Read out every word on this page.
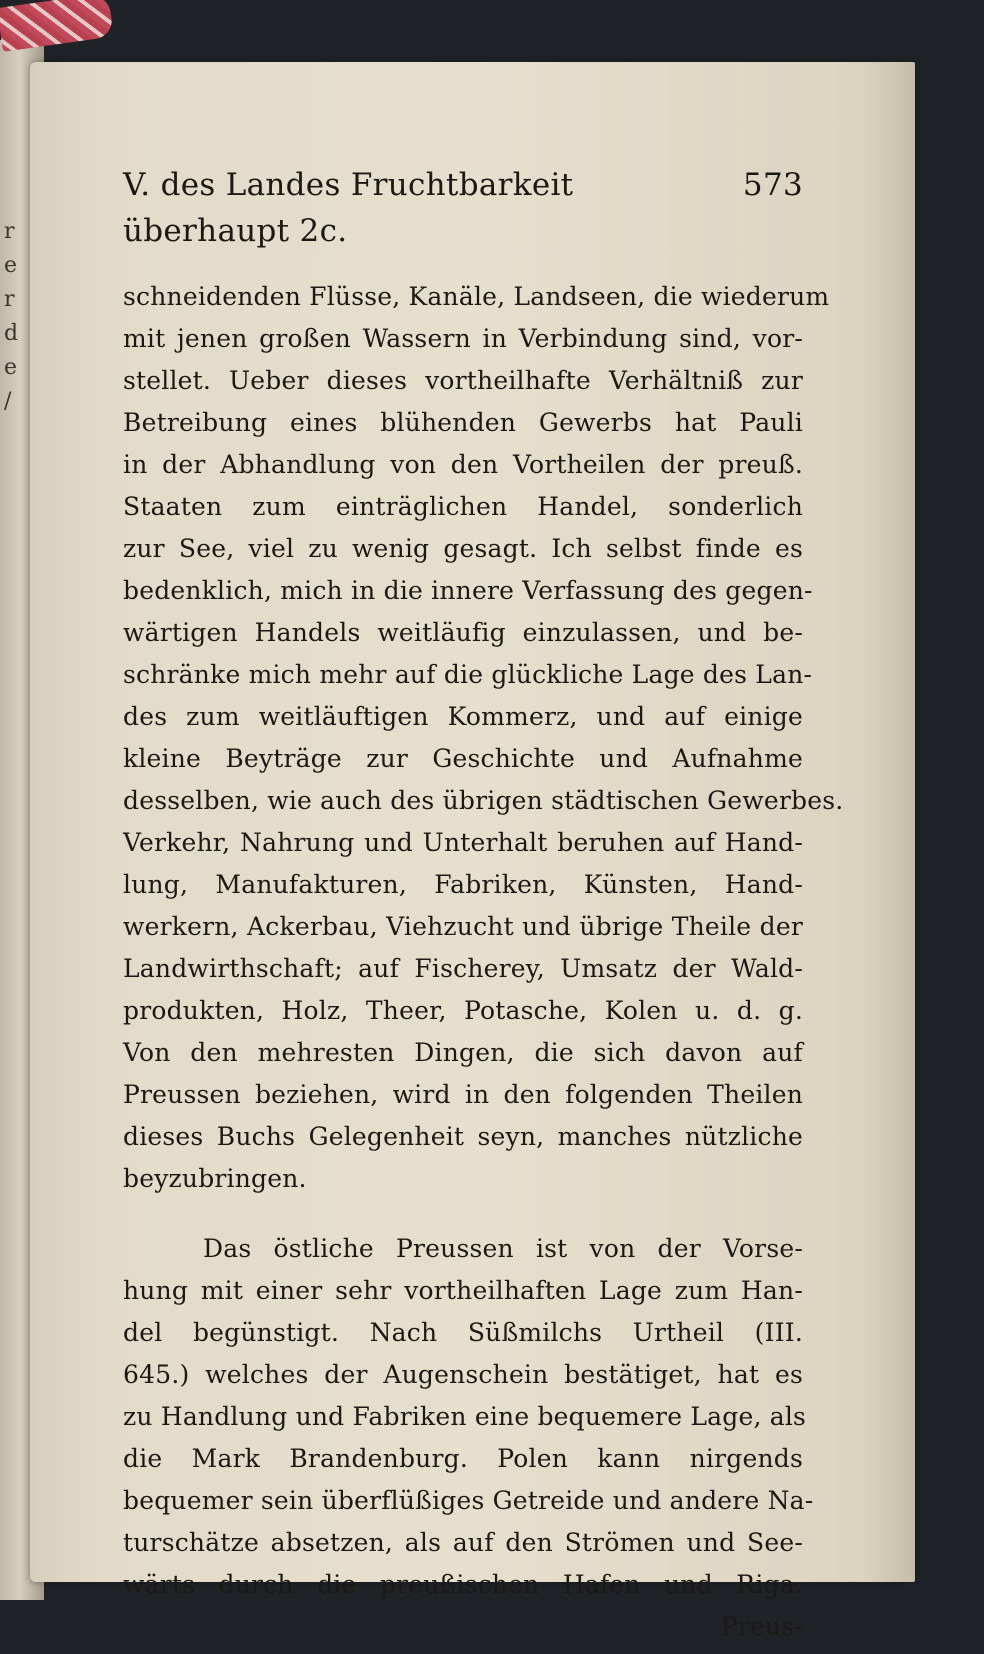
r
e
r
d
e
/
V. des Landes Fruchtbarkeit überhaupt 2c.
573
schneidenden Flüsse, Kanäle, Landseen, die wiederum
mit jenen großen Wassern in Verbindung sind, vor-
stellet. Ueber dieses vortheilhafte Verhältniß zur
Betreibung eines blühenden Gewerbs hat Pauli
in der Abhandlung von den Vortheilen der preuß.
Staaten zum einträglichen Handel, sonderlich
zur See, viel zu wenig gesagt. Ich selbst finde es
bedenklich, mich in die innere Verfassung des gegen-
wärtigen Handels weitläufig einzulassen, und be-
schränke mich mehr auf die glückliche Lage des Lan-
des zum weitläuftigen Kommerz, und auf einige
kleine Beyträge zur Geschichte und Aufnahme
desselben, wie auch des übrigen städtischen Gewerbes.
Verkehr, Nahrung und Unterhalt beruhen auf Hand-
lung, Manufakturen, Fabriken, Künsten, Hand-
werkern, Ackerbau, Viehzucht und übrige Theile der
Landwirthschaft; auf Fischerey, Umsatz der Wald-
produkten, Holz, Theer, Potasche, Kolen u. d. g.
Von den mehresten Dingen, die sich davon auf
Preussen beziehen, wird in den folgenden Theilen
dieses Buchs Gelegenheit seyn, manches nützliche
beyzubringen.
Das östliche Preussen ist von der Vorse-
hung mit einer sehr vortheilhaften Lage zum Han-
del begünstigt. Nach Süßmilchs Urtheil (III.
645.) welches der Augenschein bestätiget, hat es
zu Handlung und Fabriken eine bequemere Lage, als
die Mark Brandenburg. Polen kann nirgends
bequemer sein überflüßiges Getreide und andere Na-
turschätze absetzen, als auf den Strömen und See-
wärts durch die preußischen Hafen und Riga.
Preus-
